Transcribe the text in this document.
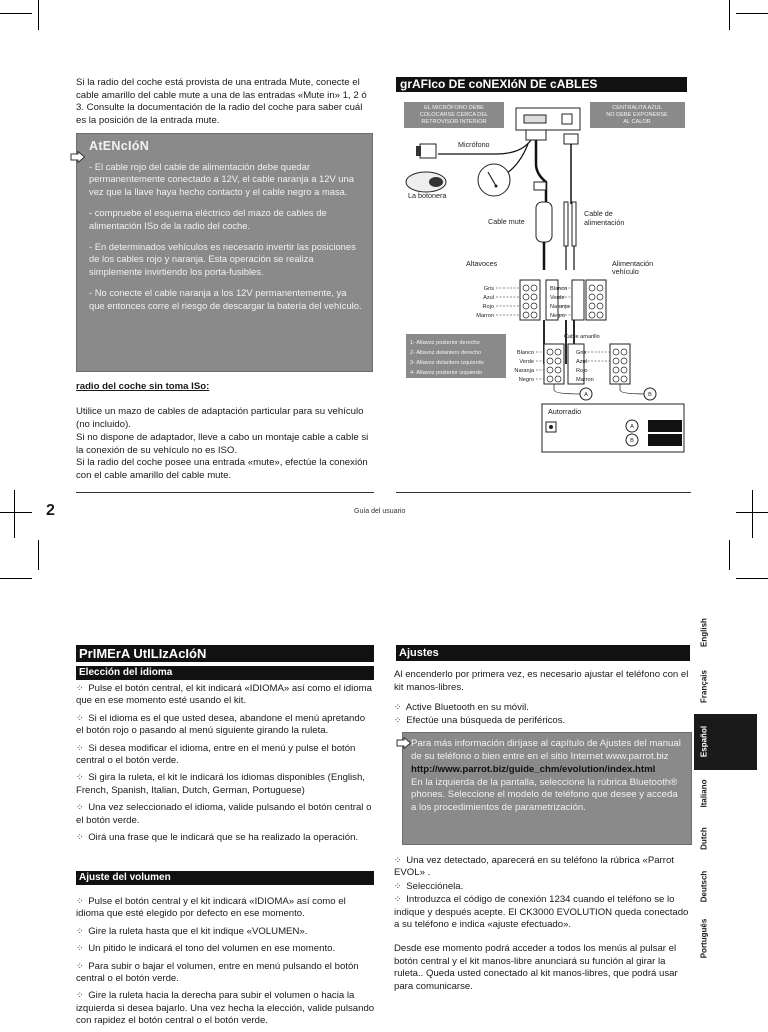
Si la radio del coche está provista de una entrada Mute, conecte el cable amarillo del cable mute a una de las entradas «Mute in» 1, 2 ó 3. Consulte la documentación de la radio del coche para saber cuál es la posición de la entrada mute.

AtENcIóN

- El cable rojo del cable de alimentación debe quedar permanentemente conectado a 12V, el cable naranja a 12V una vez que la llave haya hecho contacto y el cable negro a masa.

- compruebe el esquema eléctrico del mazo de cables de alimentación ISo de la radio del coche.

- En determinados vehículos es necesario invertir las posiciones de los cables rojo y naranja. Esta operación se realiza simplemente invirtiendo los porta-fusibles.

- No conecte el cable naranja a los 12V permanentemente, ya que entonces corre el riesgo de descargar la batería del vehículo.

radio del coche sin toma ISo:

Utilice un mazo de cables de adaptación particular para su vehículo (no incluido).

Si no dispone de adaptador, lleve a cabo un montaje cable a cable si la conexión de su vehículo no es ISO.

Si la radio del coche posee una entrada «mute», efectúe la conexión con el cable amarillo del cable mute.

2	Guía del usuario
grAFIco DE coNEXIóN DE cABLES
EL MICRÓFONO DEBE
COLOCARSE CERCA DEL
RETROVISOR INTERIOR
CENTRALITA AZUL
NO DEBE EXPONERSE
AL CALOR
Micrófono
La botonera
Cable mute
Cable de
alimentación
Altavoces	Alimentación
vehículo
Gris
Azul
Rojo
Marron
Blanco
Verde
Naranja
Negro
Cable amarillo
1- Altavoz posterior derecho
2- Altavoz delantero derecho
3- Altavoz delantero izquierdo
4- Altavoz posterior izquierdo
Blanco
Verde
Naranja
Negro
Gris
Azul
Rojo
Marron
A	B
Autorradio
A
B
PrIMErA UtILIzAcIóN
Elección del idioma

⁘ Pulse el botón central, el kit indicará «IDIOMA» así como el idioma que en ese momento esté usando el kit.

⁘ Si el idioma es el que usted desea, abandone el menú apretando el botón rojo o pasando al menú siguiente girando la ruleta.

⁘ Si desea modificar el idioma, entre en el menú y pulse el botón central o el botón verde.

⁘ Si gira la ruleta, el kit le indicará los idiomas disponibles (English, French, Spanish, Italian, Dutch, German, Portuguese)

⁘ Una vez seleccionado el idioma, valide pulsando el botón central o el botón verde.

⁘ Oirá una frase que le indicará que se ha realizado la operación.

Ajuste del volumen

⁘ Pulse el botón central y el kit indicará «IDIOMA» así como el idioma que esté elegido por defecto en ese momento.

⁘ Gire la ruleta hasta que el kit indique «VOLUMEN».

⁘ Un pitido le indicará el tono del volumen en ese momento.

⁘ Para subir o bajar el volumen, entre en menú pulsando el botón central o el botón verde.

⁘ Gire la ruleta hacia la derecha para subir el volumen o hacia la izquierda si desea bajarlo. Una vez hecha la elección, valide pulsando con rapidez el botón central o el botón verde.

Ajustes

Al encenderlo por primera vez, es necesario ajustar el teléfono con el kit manos-libres.

⁘ Active Bluetooth en su móvil.

⁘ Efectúe una búsqueda de periféricos.

Para más información diríjase al capítulo de Ajustes del manual de su teléfono o bien entre en el sitio Internet www.parrot.biz
http://www.parrot.biz/guide_chm/evolution/index.html
En la izquierda de la pantalla, seleccione la rúbrica Bluetooth® phones. Seleccione el modelo de teléfono que desee y acceda a los procedimientos de parametrización.

⁘ Una vez detectado, aparecerá en su teléfono la rúbrica «Parrot EVOL» .

⁘ Selecciónela.

⁘ Introduzca el código de conexión 1234 cuando el teléfono se lo indique y después acepte. El CK3000 EVOLUTION queda conectado a su teléfono e indica «ajuste efectuado».

Desde ese momento podrá acceder a todos los menús al pulsar el botón central y el kit manos-libre anunciará su función al girar la ruleta.. Queda usted conectado al kit manos-libres, que podrá usar para comunicarse.

English
Français
Español
Italiano
Dutch
Deutsch
Português
